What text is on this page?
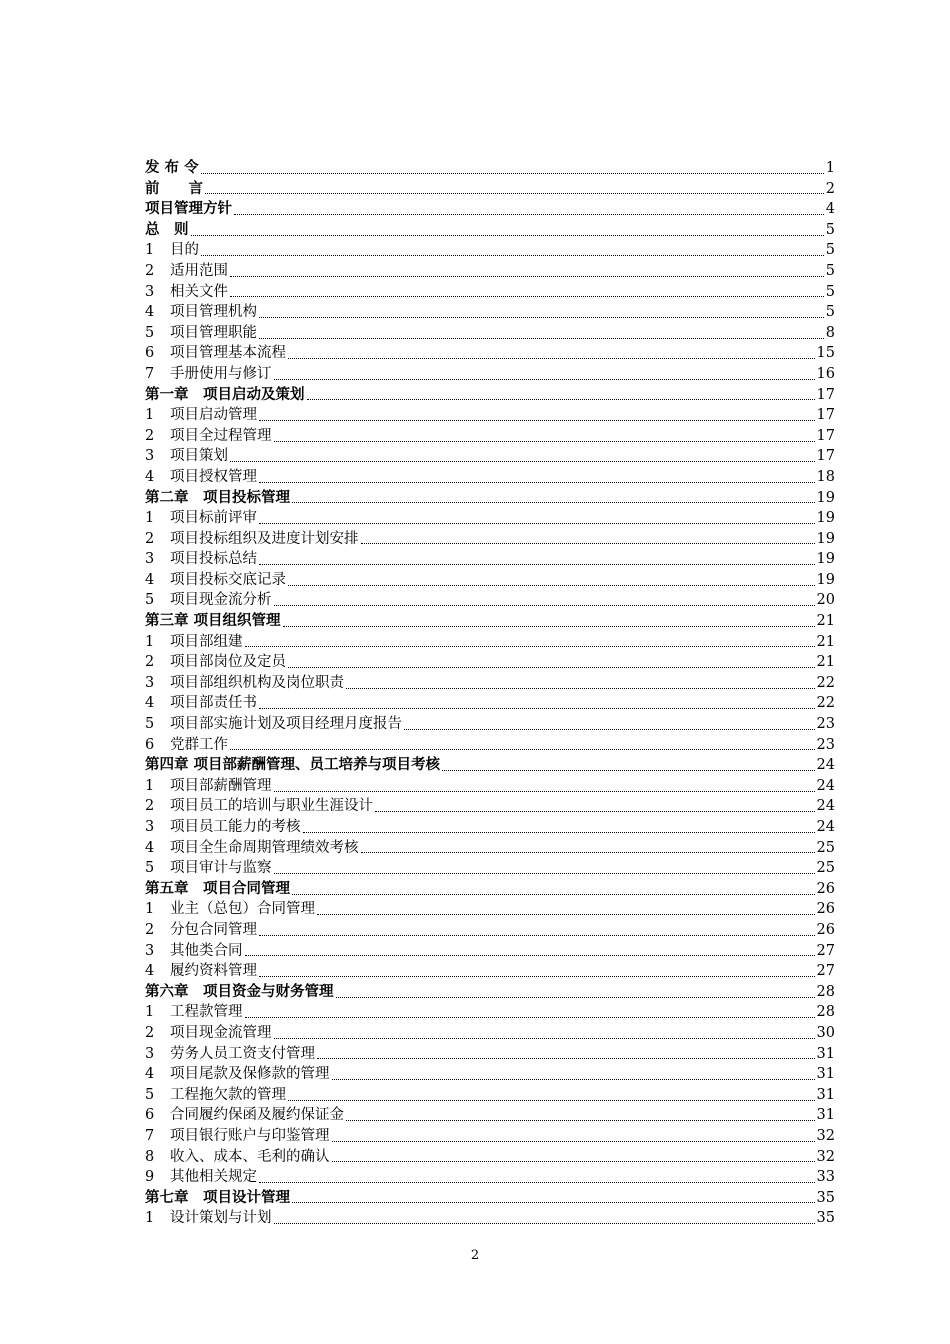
发 布 令	1
前　　言	2
项目管理方针	4
总　则	5
1	目的	5
2	适用范围	5
3	相关文件	5
4	项目管理机构	5
5	项目管理职能	8
6	项目管理基本流程	15
7	手册使用与修订	16
第一章　项目启动及策划	17
1	项目启动管理	17
2	项目全过程管理	17
3	项目策划	17
4	项目授权管理	18
第二章　项目投标管理	19
1	项目标前评审	19
2	项目投标组织及进度计划安排	19
3	项目投标总结	19
4	项目投标交底记录	19
5	项目现金流分析	20
第三章 项目组织管理	21
1	项目部组建	21
2	项目部岗位及定员	21
3	项目部组织机构及岗位职责	22
4	项目部责任书	22
5	项目部实施计划及项目经理月度报告	23
6	党群工作	23
第四章 项目部薪酬管理、员工培养与项目考核	24
1	项目部薪酬管理	24
2	项目员工的培训与职业生涯设计	24
3	项目员工能力的考核	24
4	项目全生命周期管理绩效考核	25
5	项目审计与监察	25
第五章　项目合同管理	26
1	业主（总包）合同管理	26
2	分包合同管理	26
3	其他类合同	27
4	履约资料管理	27
第六章　项目资金与财务管理	28
1	工程款管理	28
2	项目现金流管理	30
3	劳务人员工资支付管理	31
4	项目尾款及保修款的管理	31
5	工程拖欠款的管理	31
6	合同履约保函及履约保证金	31
7	项目银行账户与印鉴管理	32
8	收入、成本、毛利的确认	32
9	其他相关规定	33
第七章　项目设计管理	35
1	设计策划与计划	35
2
